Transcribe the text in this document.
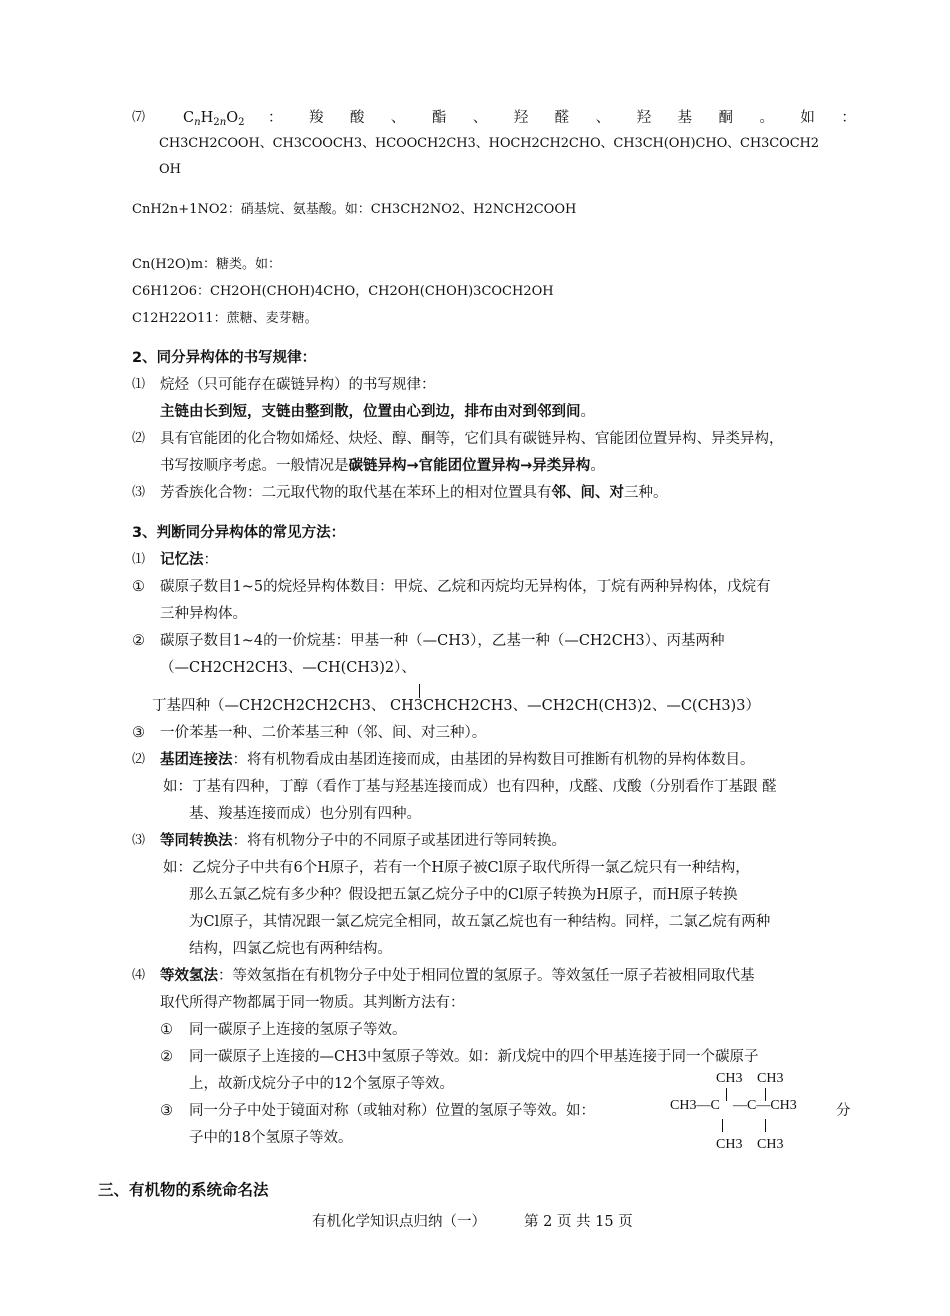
⑺	$C_nH_{2n}O_2$ ： 羧 酸 、 酯 、 羟 醛 、 羟 基 酮 。 如 ：
CH3CH2COOH、CH3COOCH3、HCOOCH2CH3、HOCH2CH2CHO、CH3CH(OH)CHO、CH3COCH2
OH
CnH2n+1NO2：硝基烷、氨基酸。如：CH3CH2NO2、H2NCH2COOH
Cn(H2O)m：糖类。如：
C6H12O6：CH2OH(CHOH)4CHO，CH2OH(CHOH)3COCH2OH
C12H22O11：蔗糖、麦芽糖。
2、同分异构体的书写规律：
⑴ 烷烃（只可能存在碳链异构）的书写规律：
主链由长到短，支链由整到散，位置由心到边，排布由对到邻到间。
⑵ 具有官能团的化合物如烯烃、炔烃、醇、酮等，它们具有碳链异构、官能团位置异构、异类异构，
书写按顺序考虑。一般情况是碳链异构→官能团位置异构→异类异构。
⑶ 芳香族化合物：二元取代物的取代基在苯环上的相对位置具有邻、间、对三种。
3、判断同分异构体的常见方法：
⑴ 记忆法：
① 碳原子数目1~5的烷烃异构体数目：甲烷、乙烷和丙烷均无异构体，丁烷有两种异构体，戊烷有
三种异构体。
② 碳原子数目1~4的一价烷基：甲基一种（—CH3），乙基一种（—CH2CH3）、丙基两种
（—CH2CH2CH3、—CH(CH3)2）、
丁基四种（—CH2CH2CH2CH3、 CH3CHCH2CH3、—CH2CH(CH3)2、—C(CH3)3）
③ 一价苯基一种、二价苯基三种（邻、间、对三种）。
⑵ 基团连接法：将有机物看成由基团连接而成，由基团的异构数目可推断有机物的异构体数目。
如：丁基有四种，丁醇（看作丁基与羟基连接而成）也有四种，戊醛、戊酸（分别看作丁基跟 醛
基、羧基连接而成）也分别有四种。
⑶ 等同转换法：将有机物分子中的不同原子或基团进行等同转换。
如：乙烷分子中共有6个H原子，若有一个H原子被Cl原子取代所得一氯乙烷只有一种结构，
那么五氯乙烷有多少种？假设把五氯乙烷分子中的Cl原子转换为H原子，而H原子转换
为Cl原子，其情况跟一氯乙烷完全相同，故五氯乙烷也有一种结构。同样，二氯乙烷有两种
结构，四氯乙烷也有两种结构。
⑷ 等效氢法：等效氢指在有机物分子中处于相同位置的氢原子。等效氢任一原子若被相同取代基
取代所得产物都属于同一物质。其判断方法有：
① 同一碳原子上连接的氢原子等效。
② 同一碳原子上连接的—CH3中氢原子等效。如：新戊烷中的四个甲基连接于同一个碳原子
上，故新戊烷分子中的12个氢原子等效。
③ 同一分子中处于镜面对称（或轴对称）位置的氢原子等效。如：	分
子中的18个氢原子等效。
CH3 CH3
CH3—C —C—CH3
CH3 CH3
三、有机物的系统命名法
有机化学知识点归纳（一）	第 2 页 共 15 页
